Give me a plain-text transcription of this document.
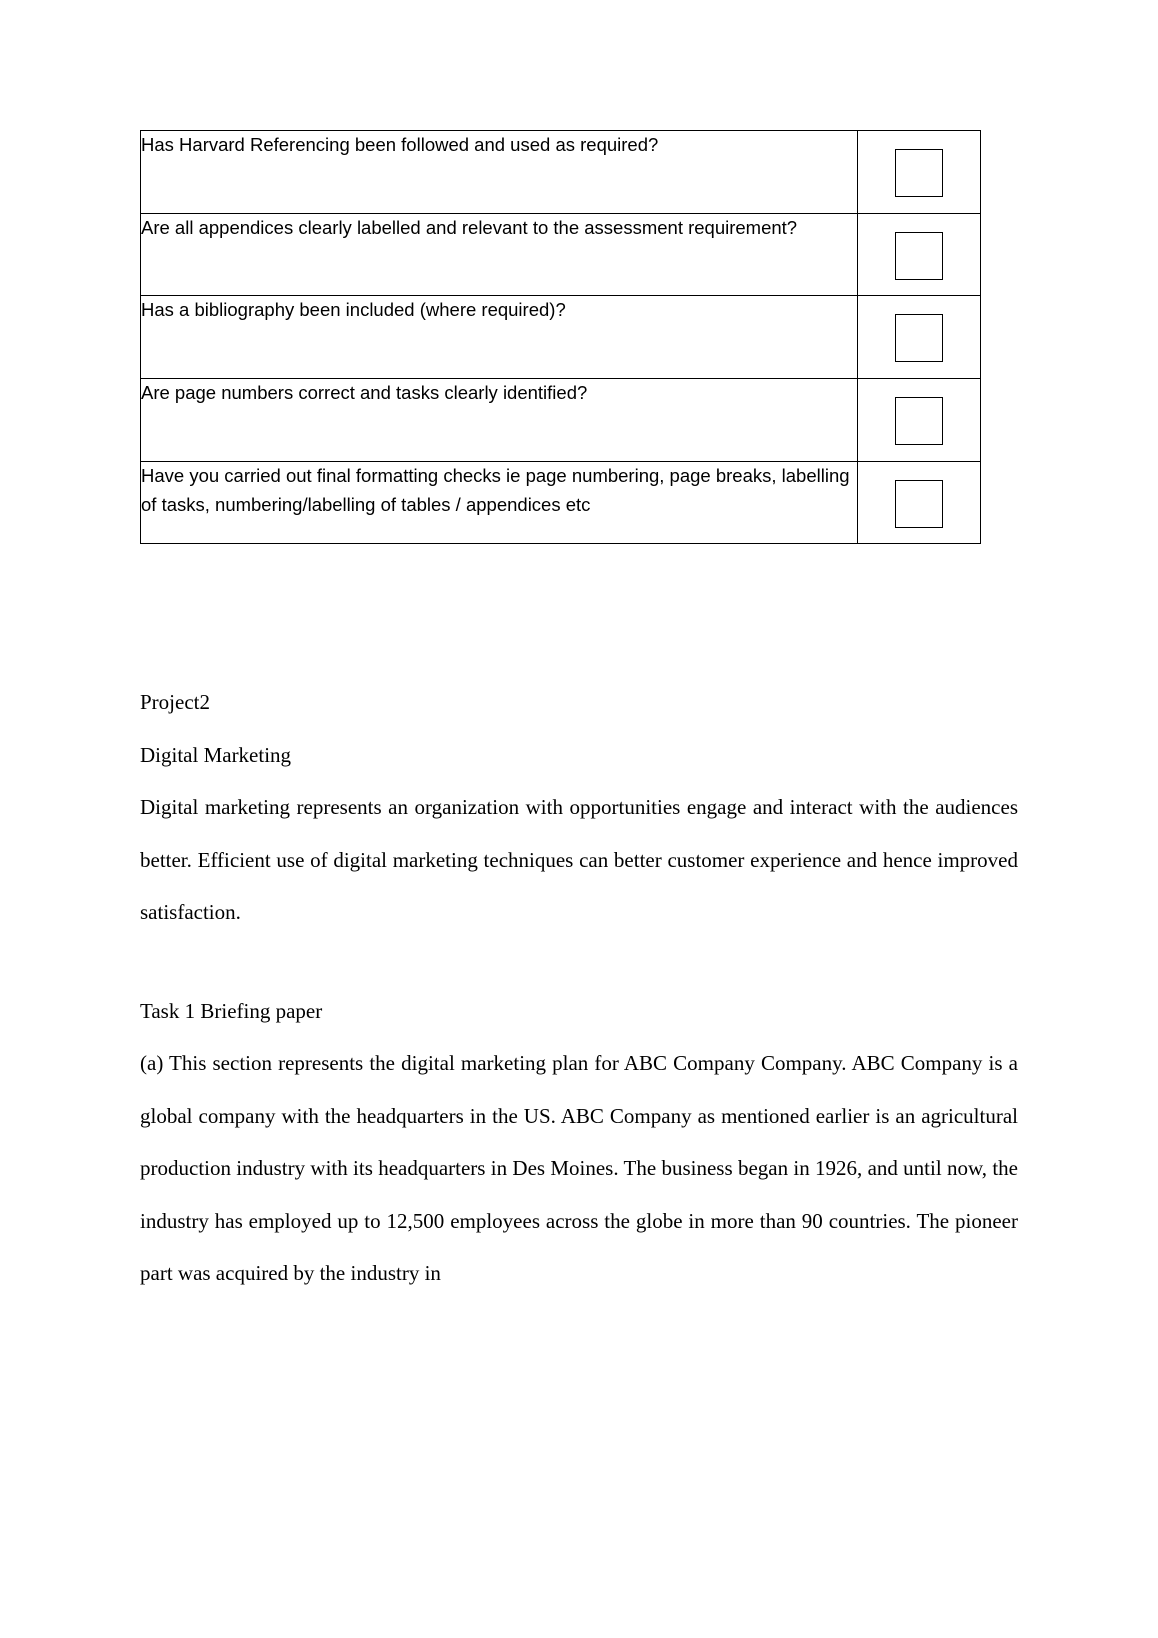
Has Harvard Referencing been followed and used as required?	
Are all appendices clearly labelled and relevant to the assessment requirement?	
Has a bibliography been included (where required)?	
Are page numbers correct and tasks clearly identified?	
Have you carried out final formatting checks ie page numbering, page breaks, labelling of tasks, numbering/labelling of tables / appendices etc	

Project2

Digital Marketing

Digital marketing represents an organization with opportunities engage and interact with the audiences better. Efficient use of digital marketing techniques can better customer experience and hence improved satisfaction.

Task 1 Briefing paper

(a) This section represents the digital marketing plan for ABC Company Company. ABC Company is a global company with the headquarters in the US. ABC Company as mentioned earlier is an agricultural production industry with its headquarters in Des Moines. The business began in 1926, and until now, the industry has employed up to 12,500 employees across the globe in more than 90 countries. The pioneer part was acquired by the industry in
